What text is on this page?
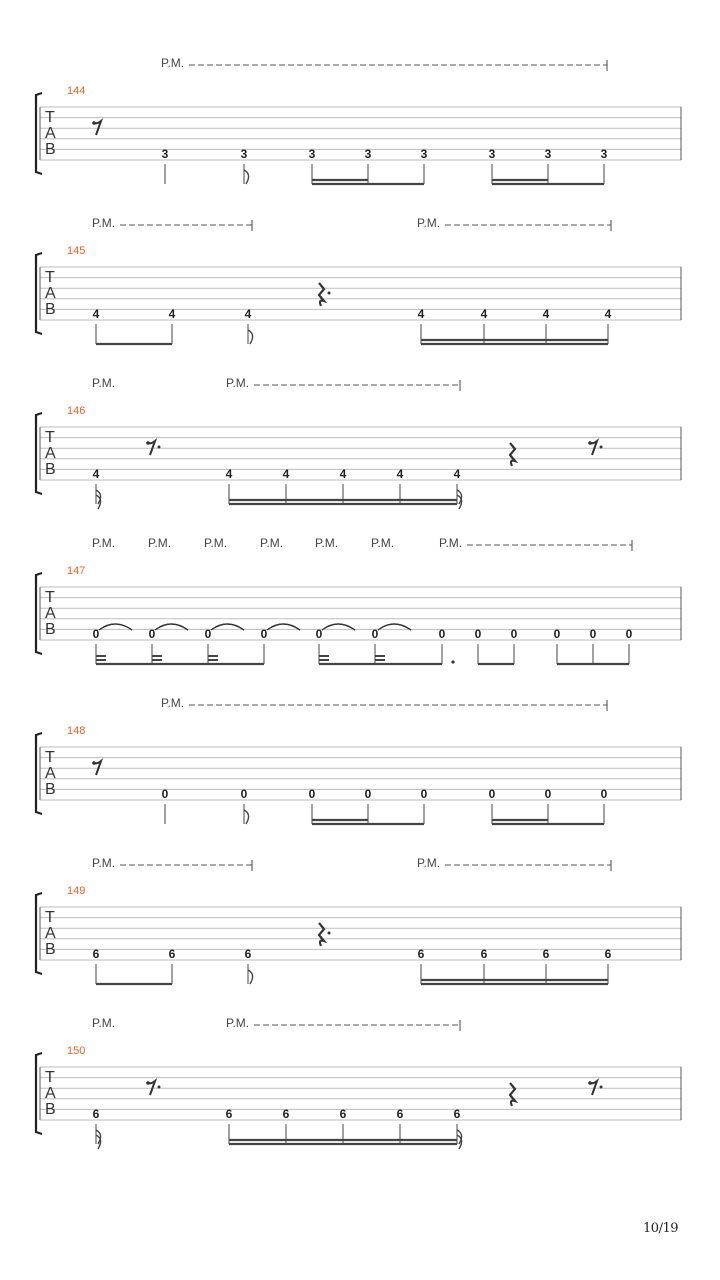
T
A
B
144
P.M.
3	3	3	3	3	3	3	3
T
A
B
145
P.M.	P.M.
4	4	4	4	4	4	4
T
A
B
146
P.M.	P.M.
4	4	4	4	4	4
T
A
B
147
P.M.	P.M.	P.M.	P.M.	P.M.	P.M.	P.M.
0	0	0	0	0	0	0 0 0	0 0 0
T
A
B
148
P.M.
0	0	0	0	0	0	0	0
T
A
B
149
P.M.	P.M.
6	6	6	6	6	6	6
T
A
B
150
P.M.	P.M.
6	6	6	6	6	6
10/19
